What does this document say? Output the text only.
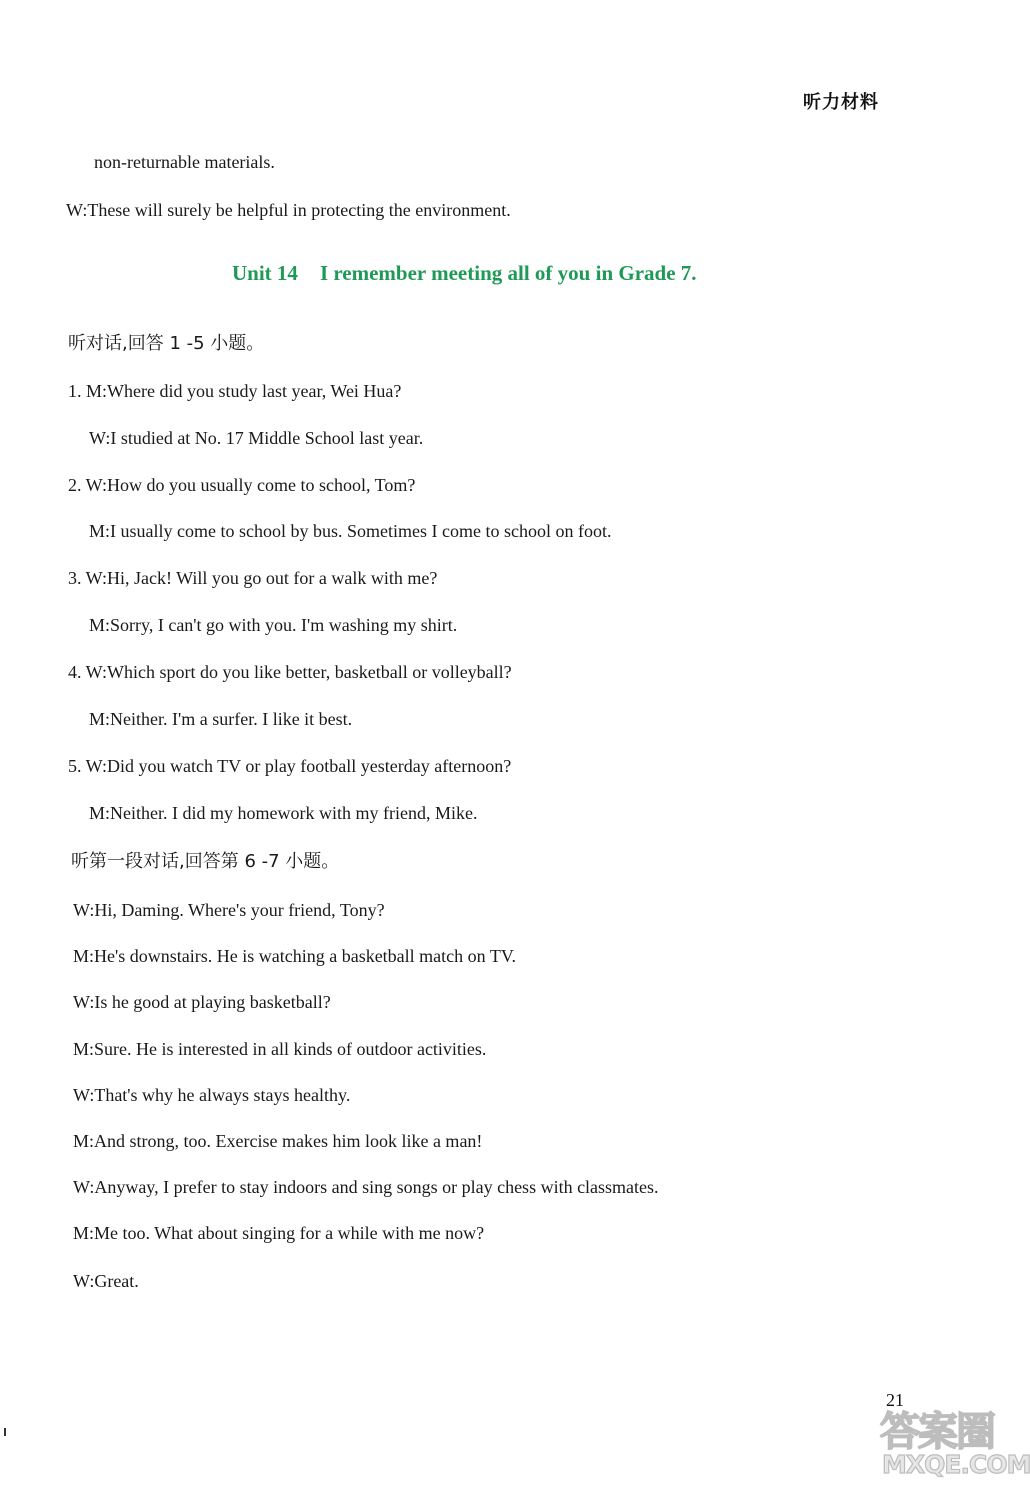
听力材料
non-returnable materials.
W:These will surely be helpful in protecting the environment.
Unit 14 I remember meeting all of you in Grade 7.
听对话,回答 1 -5 小题。
1. M:Where did you study last year, Wei Hua?
W:I studied at No. 17 Middle School last year.
2. W:How do you usually come to school, Tom?
M:I usually come to school by bus. Sometimes I come to school on foot.
3. W:Hi, Jack! Will you go out for a walk with me?
M:Sorry, I can't go with you. I'm washing my shirt.
4. W:Which sport do you like better, basketball or volleyball?
M:Neither. I'm a surfer. I like it best.
5. W:Did you watch TV or play football yesterday afternoon?
M:Neither. I did my homework with my friend, Mike.
听第一段对话,回答第 6 -7 小题。
W:Hi, Daming. Where's your friend, Tony?
M:He's downstairs. He is watching a basketball match on TV.
W:Is he good at playing basketball?
M:Sure. He is interested in all kinds of outdoor activities.
W:That's why he always stays healthy.
M:And strong, too. Exercise makes him look like a man!
W:Anyway, I prefer to stay indoors and sing songs or play chess with classmates.
M:Me too. What about singing for a while with me now?
W:Great.
21
答案圈
MXQE.COM
